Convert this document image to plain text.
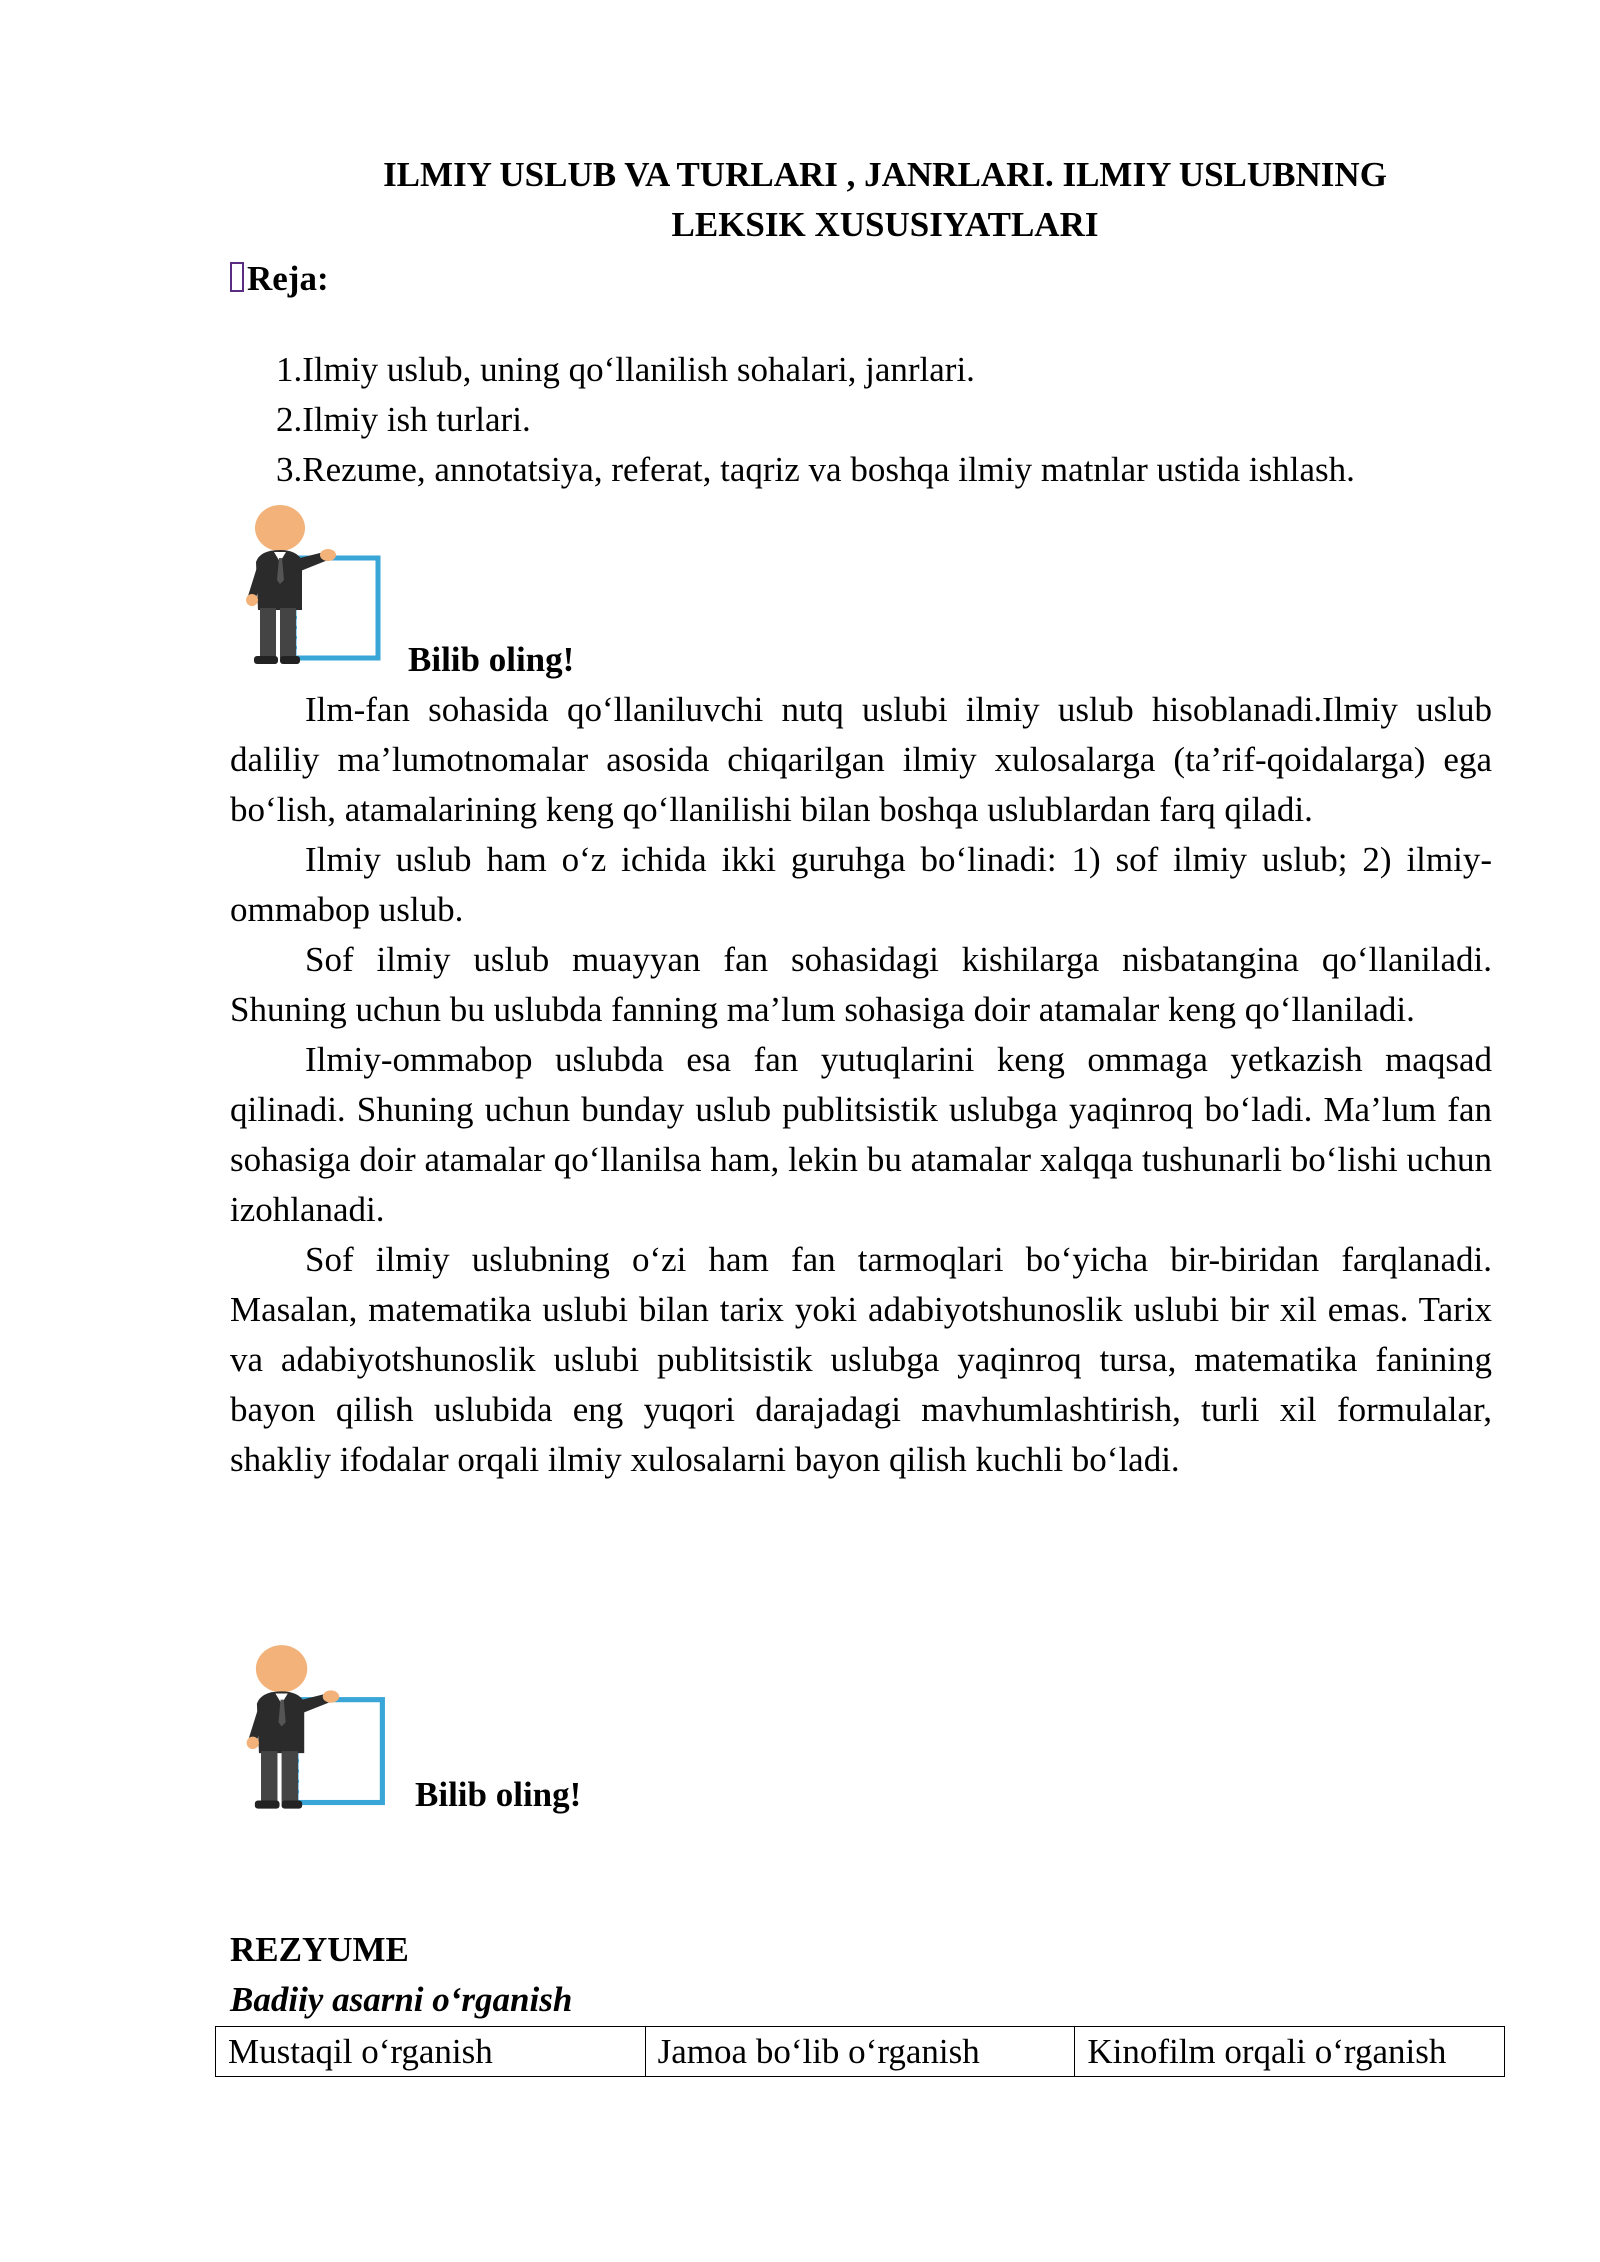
ILMIY USLUB VA TURLARI , JANRLARI. ILMIY USLUBNING
LEKSIK XUSUSIYATLARI
Reja:
1.Ilmiy uslub, uning qo‘llanilish sohalari, janrlari.
2.Ilmiy ish turlari.
3.Rezume, annotatsiya, referat, taqriz va boshqa ilmiy matnlar ustida ishlash.
Bilib oling!

Ilm-fan sohasida qo‘llaniluvchi nutq uslubi ilmiy uslub hisoblanadi.Ilmiy uslub daliliy ma’lumotnomalar asosida chiqarilgan ilmiy xulosalarga (ta’rif-qoidalarga) ega bo‘lish, atamalarining keng qo‘llanilishi bilan boshqa uslublardan farq qiladi.

Ilmiy uslub ham o‘z ichida ikki guruhga bo‘linadi: 1) sof ilmiy uslub; 2) ilmiy-ommabop uslub.

Sof ilmiy uslub muayyan fan sohasidagi kishilarga nisbatangina qo‘llaniladi. Shuning uchun bu uslubda fanning ma’lum sohasiga doir atamalar keng qo‘llaniladi.

Ilmiy-ommabop uslubda esa fan yutuqlarini keng ommaga yetkazish maqsad qilinadi. Shuning uchun bunday uslub publitsistik uslubga yaqinroq bo‘ladi. Ma’lum fan sohasiga doir atamalar qo‘llanilsa ham, lekin bu atamalar xalqqa tushunarli bo‘lishi uchun izohlanadi.

Sof ilmiy uslubning o‘zi ham fan tarmoqlari bo‘yicha bir-biridan farqlanadi. Masalan, matematika uslubi bilan tarix yoki adabiyotshunoslik uslubi bir xil emas. Tarix va adabiyotshunoslik uslubi publitsistik uslubga yaqinroq tursa, matematika fanining bayon qilish uslubida eng yuqori darajadagi mavhumlashtirish, turli xil formulalar, shakliy ifodalar orqali ilmiy xulosalarni bayon qilish kuchli bo‘ladi.

Bilib oling!
REZYUME
Badiiy asarni o‘rganish
Mustaqil o‘rganish	Jamoa bo‘lib o‘rganish	Kinofilm orqali o‘rganish
